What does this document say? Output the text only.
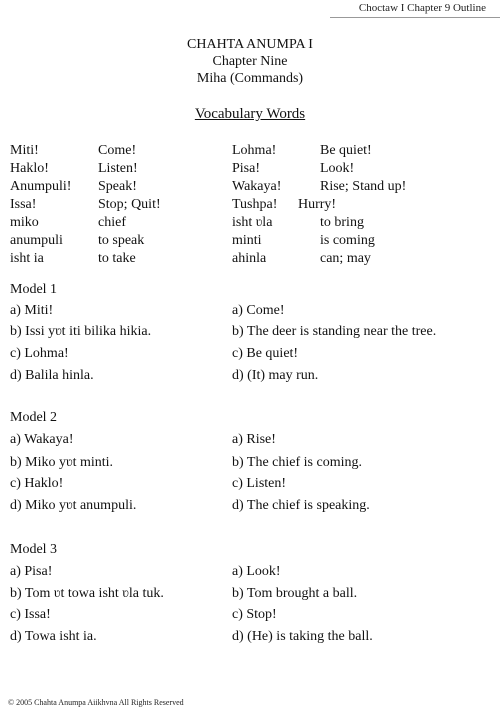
Choctaw I Chapter 9 Outline
CHAHTA ANUMPA I
Chapter Nine
Miha (Commands)
Vocabulary Words
Miti!
Haklo!
Anumpuli!
Issa!
miko
anumpuli
isht ia
Come!
Listen!
Speak!
Stop; Quit!
chief
to speak
to take
Lohma!
Pisa!
Wakaya!
Tushpa!
isht ʋla
minti
ahinla
Be quiet!
Look!
Rise; Stand up!
Hurry!
to bring
is coming
can; may
Model 1
a) Miti!
b) Issi yʋt iti bilika hikia.
c) Lohma!
d) Balila hinla.
a) Come!
b) The deer is standing near the tree.
c) Be quiet!
d) (It) may run.
Model 2
a) Wakaya!
b) Miko yʋt minti.
c) Haklo!
d) Miko yʋt anumpuli.
a) Rise!
b) The chief is coming.
c) Listen!
d) The chief is speaking.
Model 3
a) Pisa!
b) Tom ʋt towa isht ʋla tuk.
c) Issa!
d) Towa isht ia.
a) Look!
b) Tom brought a ball.
c) Stop!
d) (He) is taking the ball.
© 2005 Chahta Anumpa Aiikhvna All Rights Reserved
